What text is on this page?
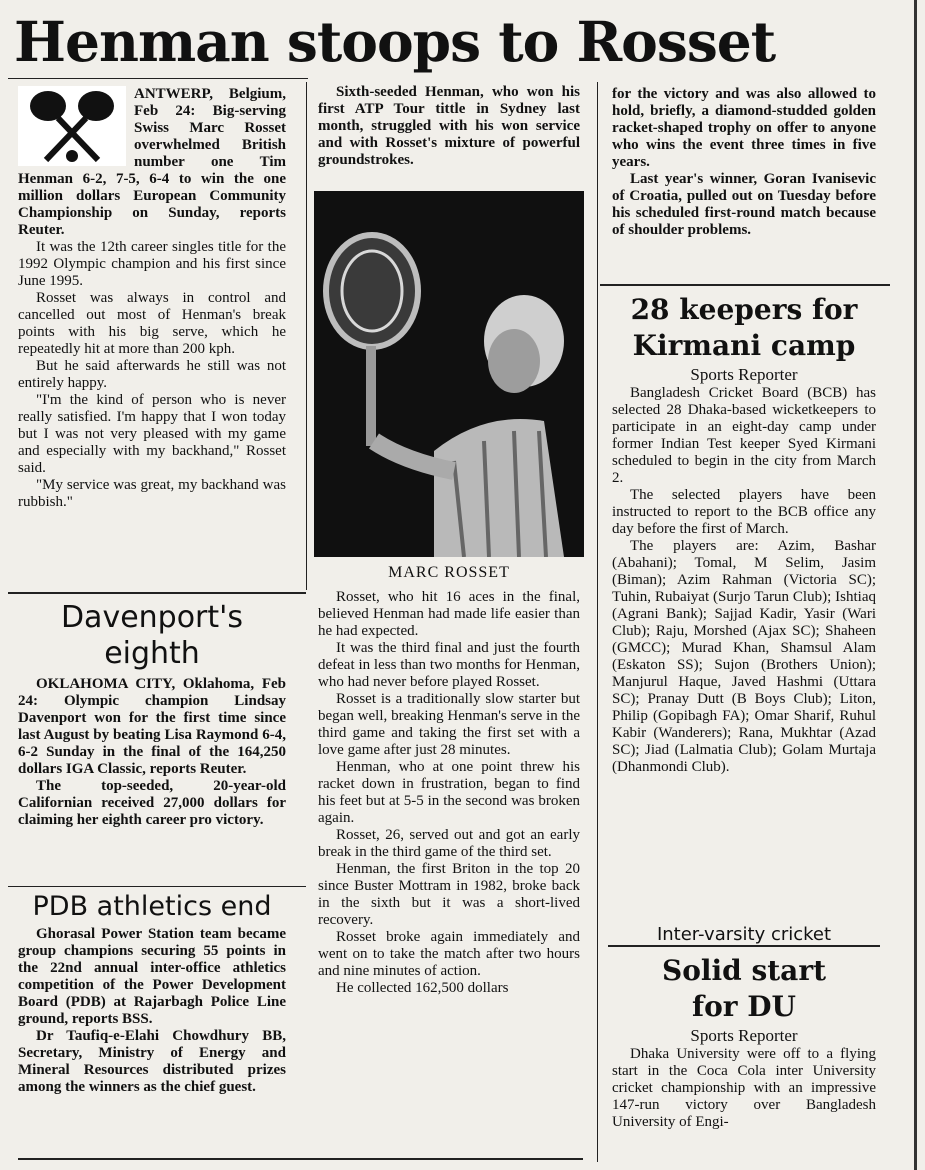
Henman stoops to Rosset

ANTWERP, Belgium, Feb 24: Big-serving Swiss Marc Rosset overwhelmed British number one Tim Henman 6-2, 7-5, 6-4 to win the one million dollars European Community Championship on Sunday, reports Reuter.

It was the 12th career singles title for the 1992 Olympic champion and his first since June 1995.

Rosset was always in control and cancelled out most of Henman's break points with his big serve, which he repeatedly hit at more than 200 kph.

But he said afterwards he still was not entirely happy.

"I'm the kind of person who is never really satisfied. I'm happy that I won today but I was not very pleased with my game and especially with my backhand," Rosset said.

"My service was great, my backhand was rubbish."

Davenport's
eighth

OKLAHOMA CITY, Oklahoma, Feb 24: Olympic champion Lindsay Davenport won for the first time since last August by beating Lisa Raymond 6-4, 6-2 Sunday in the final of the 164,250 dollars IGA Classic, reports Reuter.

The top-seeded, 20-year-old Californian received 27,000 dollars for claiming her eighth career pro victory.

PDB athletics end

Ghorasal Power Station team became group champions securing 55 points in the 22nd annual inter-office athletics competition of the Power Development Board (PDB) at Rajarbagh Police Line ground, reports BSS.

Dr Taufiq-e-Elahi Chowdhury BB, Secretary, Ministry of Energy and Mineral Resources distributed prizes among the winners as the chief guest.

Sixth-seeded Henman, who won his first ATP Tour tittle in Sydney last month, struggled with his won service and with Rosset's mixture of powerful groundstrokes.

MARC ROSSET

Rosset, who hit 16 aces in the final, believed Henman had made life easier than he had expected.

It was the third final and just the fourth defeat in less than two months for Henman, who had never before played Rosset.

Rosset is a traditionally slow starter but began well, breaking Henman's serve in the third game and taking the first set with a love game after just 28 minutes.

Henman, who at one point threw his racket down in frustration, began to find his feet but at 5-5 in the second was broken again.

Rosset, 26, served out and got an early break in the third game of the third set.

Henman, the first Briton in the top 20 since Buster Mottram in 1982, broke back in the sixth but it was a short-lived recovery.

Rosset broke again immediately and went on to take the match after two hours and nine minutes of action.

He collected 162,500 dollars

for the victory and was also allowed to hold, briefly, a diamond-studded golden racket-shaped trophy on offer to anyone who wins the event three times in five years.

Last year's winner, Goran Ivanisevic of Croatia, pulled out on Tuesday before his scheduled first-round match because of shoulder problems.

28 keepers for
Kirmani camp
Sports Reporter

Bangladesh Cricket Board (BCB) has selected 28 Dhaka-based wicketkeepers to participate in an eight-day camp under former Indian Test keeper Syed Kirmani scheduled to begin in the city from March 2.

The selected players have been instructed to report to the BCB office any day before the first of March.

The players are: Azim, Bashar (Abahani); Tomal, M Selim, Jasim (Biman); Azim Rahman (Victoria SC); Tuhin, Rubaiyat (Surjo Tarun Club); Ishtiaq (Agrani Bank); Sajjad Kadir, Yasir (Wari Club); Raju, Morshed (Ajax SC); Shaheen (GMCC); Murad Khan, Shamsul Alam (Eskaton SS); Sujon (Brothers Union); Manjurul Haque, Javed Hashmi (Uttara SC); Pranay Dutt (B Boys Club); Liton, Philip (Gopibagh FA); Omar Sharif, Ruhul Kabir (Wanderers); Rana, Mukhtar (Azad SC); Jiad (Lalmatia Club); Golam Murtaja (Dhanmondi Club).

Inter-varsity cricket
Solid start
for DU
Sports Reporter

Dhaka University were off to a flying start in the Coca Cola inter University cricket championship with an impressive 147-run victory over Bangladesh University of Engi-
